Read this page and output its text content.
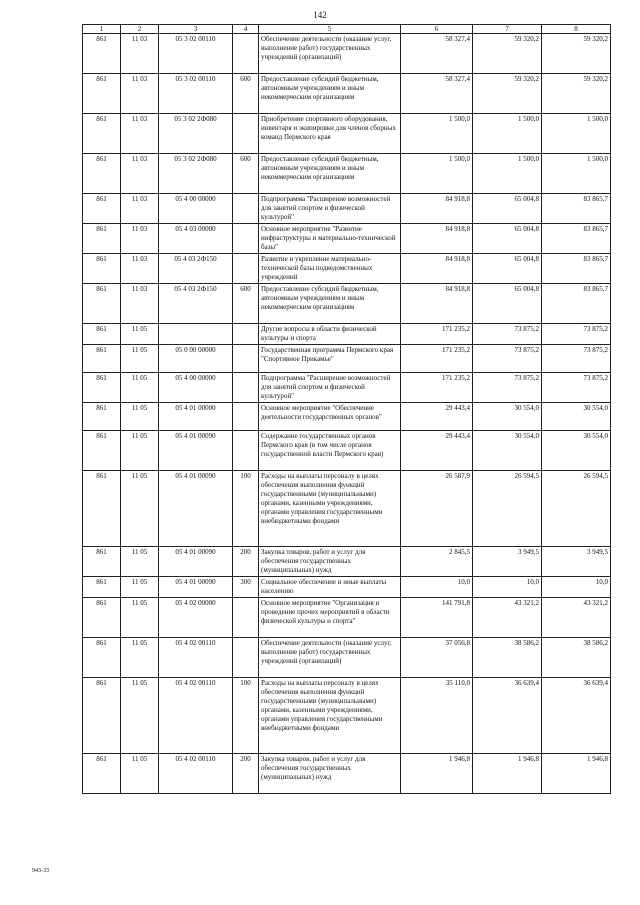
142
1	2	3	4	5	6	7	8
861	11 03	05 3 02 00110		Обеспечение деятельности (оказание услуг, выполнение работ) государственных учреждений (организаций)	58 327,4	59 320,2	59 320,2
861	11 03	05 3 02 00110	600	Предоставление субсидий бюджетным, автономным учреждениям и иным некоммерческим организациям	58 327,4	59 320,2	59 320,2
861	11 03	05 3 02 2Ф080		Приобретение спортивного оборудования, инвентаря и экипировки для членов сборных команд Пермского края	1 500,0	1 500,0	1 500,0
861	11 03	05 3 02 2Ф080	600	Предоставление субсидий бюджетным, автономным учреждениям и иным некоммерческим организациям	1 500,0	1 500,0	1 500,0
861	11 03	05 4 00 00000		Подпрограмма "Расширение возможностей для занятий спортом и физической культурой"	84 918,8	65 004,8	83 865,7
861	11 03	05 4 03 00000		Основное мероприятие "Развитие инфраструктуры и материально-технической базы"	84 918,8	65 004,8	83 865,7
861	11 03	05 4 03 2Ф150		Развитие и укрепление материально-технической базы подведомственных учреждений	84 918,8	65 004,8	83 865,7
861	11 03	05 4 03 2Ф150	600	Предоставление субсидий бюджетным, автономным учреждениям и иным некоммерческим организациям	84 918,8	65 004,8	83 865,7
861	11 05			Другие вопросы в области физической культуры и спорта	171 235,2	73 875,2	73 875,2
861	11 05	05 0 00 00000		Государственная программа Пермского края "Спортивное Прикамье"	171 235,2	73 875,2	73 875,2
861	11 05	05 4 00 00000		Подпрограмма "Расширение возможностей для занятий спортом и физической культурой"	171 235,2	73 875,2	73 875,2
861	11 05	05 4 01 00000		Основное мероприятие "Обеспечение деятельности государственных органов"	29 443,4	30 554,0	30 554,0
861	11 05	05 4 01 00090		Содержание государственных органов Пермского края (в том числе органов государственной власти Пермского края)	29 443,4	30 554,0	30 554,0
861	11 05	05 4 01 00090	100	Расходы на выплаты персоналу в целях обеспечения выполнения функций государственными (муниципальными) органами, казенными учреждениями, органами управления государственными внебюджетными фондами	26 587,9	26 594,5	26 594,5
861	11 05	05 4 01 00090	200	Закупка товаров, работ и услуг для обеспечения государственных (муниципальных) нужд	2 845,5	3 949,5	3 949,5
861	11 05	05 4 01 00090	300	Социальное обеспечение и иные выплаты населению	10,0	10,0	10,0
861	11 05	05 4 02 00000		Основное мероприятие "Организация и проведение прочих мероприятий в области физической культуры и спорта"	141 791,8	43 321,2	43 321,2
861	11 05	05 4 02 00110		Обеспечение деятельности (оказание услуг, выполнение работ) государственных учреждений (организаций)	37 056,8	38 586,2	38 586,2
861	11 05	05 4 02 00110	100	Расходы на выплаты персоналу в целях обеспечения выполнения функций государственными (муниципальными) органами, казенными учреждениями, органами управления государственными внебюджетными фондами	35 110,0	36 639,4	36 639,4
861	11 05	05 4 02 00110	200	Закупка товаров, работ и услуг для обеспечения государственных (муниципальных) нужд	1 946,8	1 946,8	1 946,8
943-33
